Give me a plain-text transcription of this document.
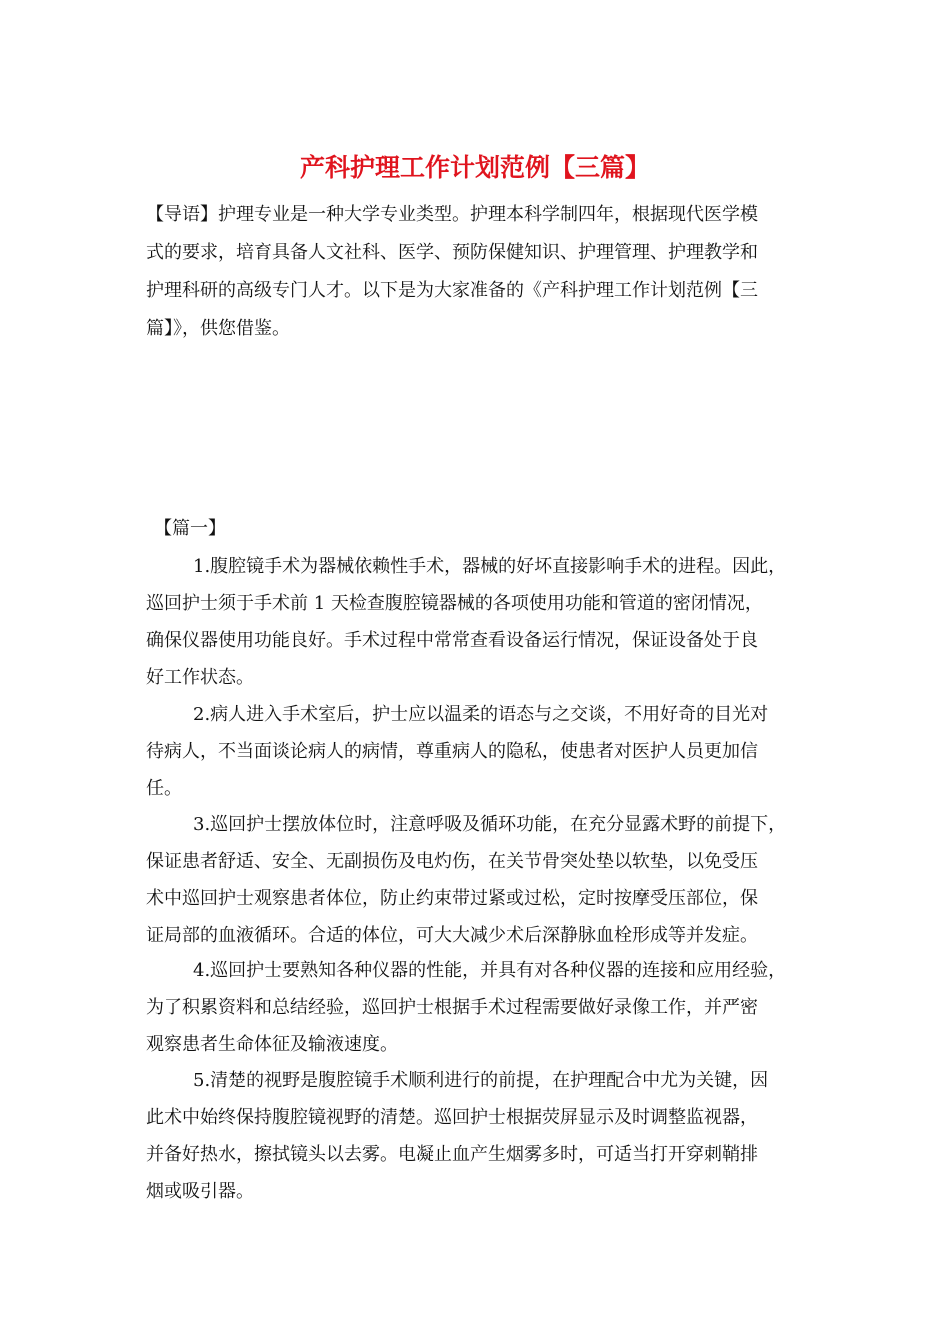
产科护理工作计划范例【三篇】
【导语】护理专业是一种大学专业类型。护理本科学制四年，根据现代医学模
式的要求，培育具备人文社科、医学、预防保健知识、护理管理、护理教学和
护理科研的高级专门人才。以下是为大家准备的《产科护理工作计划范例【三
篇】》，供您借鉴。
【篇一】
1.腹腔镜手术为器械依赖性手术，器械的好坏直接影响手术的进程。因此，
巡回护士须于手术前 1 天检查腹腔镜器械的各项使用功能和管道的密闭情况，
确保仪器使用功能良好。手术过程中常常查看设备运行情况，保证设备处于良
好工作状态。
2.病人进入手术室后，护士应以温柔的语态与之交谈，不用好奇的目光对
待病人，不当面谈论病人的病情，尊重病人的隐私，使患者对医护人员更加信
任。
3.巡回护士摆放体位时，注意呼吸及循环功能，在充分显露术野的前提下，
保证患者舒适、安全、无副损伤及电灼伤，在关节骨突处垫以软垫，以免受压
术中巡回护士观察患者体位，防止约束带过紧或过松，定时按摩受压部位，保
证局部的血液循环。合适的体位，可大大减少术后深静脉血栓形成等并发症。
4.巡回护士要熟知各种仪器的性能，并具有对各种仪器的连接和应用经验，
为了积累资料和总结经验，巡回护士根据手术过程需要做好录像工作，并严密
观察患者生命体征及输液速度。
5.清楚的视野是腹腔镜手术顺利进行的前提，在护理配合中尤为关键，因
此术中始终保持腹腔镜视野的清楚。巡回护士根据荧屏显示及时调整监视器，
并备好热水，擦拭镜头以去雾。电凝止血产生烟雾多时，可适当打开穿刺鞘排
烟或吸引器。
